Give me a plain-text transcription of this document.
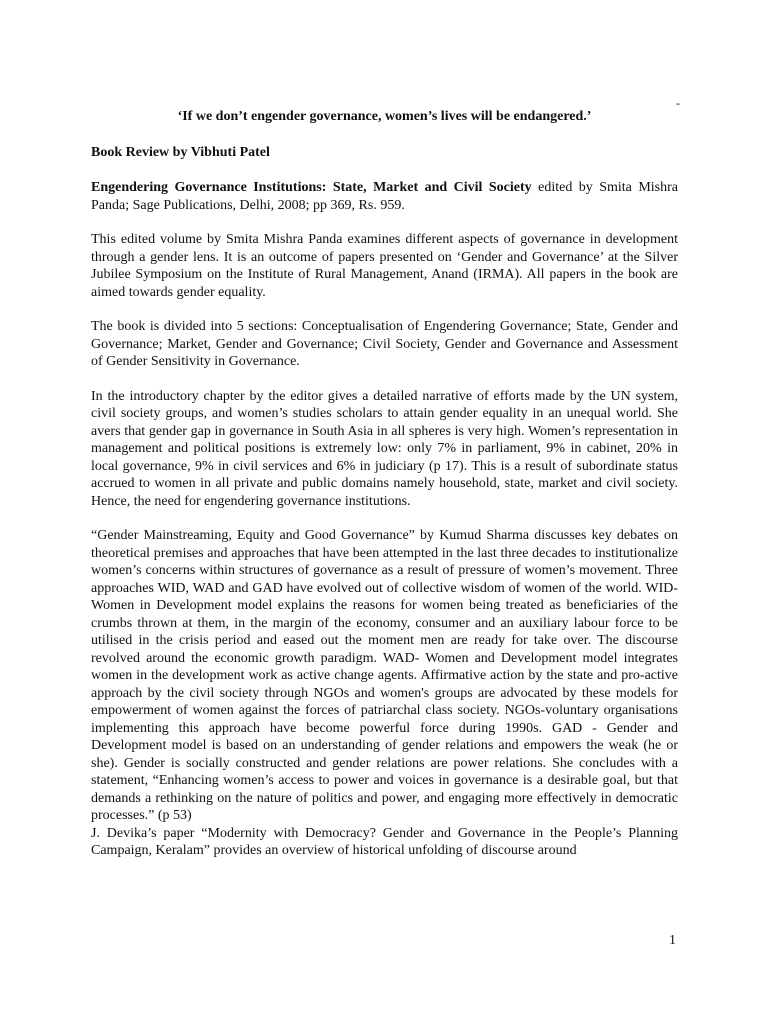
-

‘If we don’t engender governance, women’s lives will be endangered.’

Book Review by Vibhuti Patel

Engendering Governance Institutions: State, Market and Civil Society edited by Smita Mishra Panda; Sage Publications, Delhi, 2008; pp 369, Rs. 959.

This edited volume by Smita Mishra Panda examines different aspects of governance in development through a gender lens. It is an outcome of papers presented on ‘Gender and Governance’ at the Silver Jubilee Symposium on the Institute of Rural Management, Anand (IRMA). All papers in the book are aimed towards gender equality.

The book is divided into 5 sections: Conceptualisation of Engendering Governance; State, Gender and Governance; Market, Gender and Governance; Civil Society, Gender and Governance and Assessment of Gender Sensitivity in Governance.

In the introductory chapter by the editor gives a detailed narrative of efforts made by the UN system, civil society groups, and women’s studies scholars to attain gender equality in an unequal world. She avers that gender gap in governance in South Asia in all spheres is very high. Women’s representation in management and political positions is extremely low: only 7% in parliament, 9% in cabinet, 20% in local governance, 9% in civil services and 6% in judiciary (p 17). This is a result of subordinate status accrued to women in all private and public domains namely household, state, market and civil society. Hence, the need for engendering governance institutions.

“Gender Mainstreaming, Equity and Good Governance” by Kumud Sharma discusses key debates on theoretical premises and approaches that have been attempted in the last three decades to institutionalize women’s concerns within structures of governance as a result of pressure of women’s movement. Three approaches WID, WAD and GAD have evolved out of collective wisdom of women of the world. WID- Women in Development model explains the reasons for women being treated as beneficiaries of the crumbs thrown at them, in the margin of the economy, consumer and an auxiliary labour force to be utilised in the crisis period and eased out the moment men are ready for take over. The discourse revolved around the economic growth paradigm. WAD- Women and Development model integrates women in the development work as active change agents. Affirmative action by the state and pro-active approach by the civil society through NGOs and women's groups are advocated by these models for empowerment of women against the forces of patriarchal class society. NGOs-voluntary organisations implementing this approach have become powerful force during 1990s. GAD - Gender and Development model is based on an understanding of gender relations and empowers the weak (he or she). Gender is socially constructed and gender relations are power relations. She concludes with a statement, “Enhancing women’s access to power and voices in governance is a desirable goal, but that demands a rethinking on the nature of politics and power, and engaging more effectively in democratic processes.” (p 53)

J. Devika’s paper “Modernity with Democracy? Gender and Governance in the People’s Planning Campaign, Keralam” provides an overview of historical unfolding of discourse around

1
